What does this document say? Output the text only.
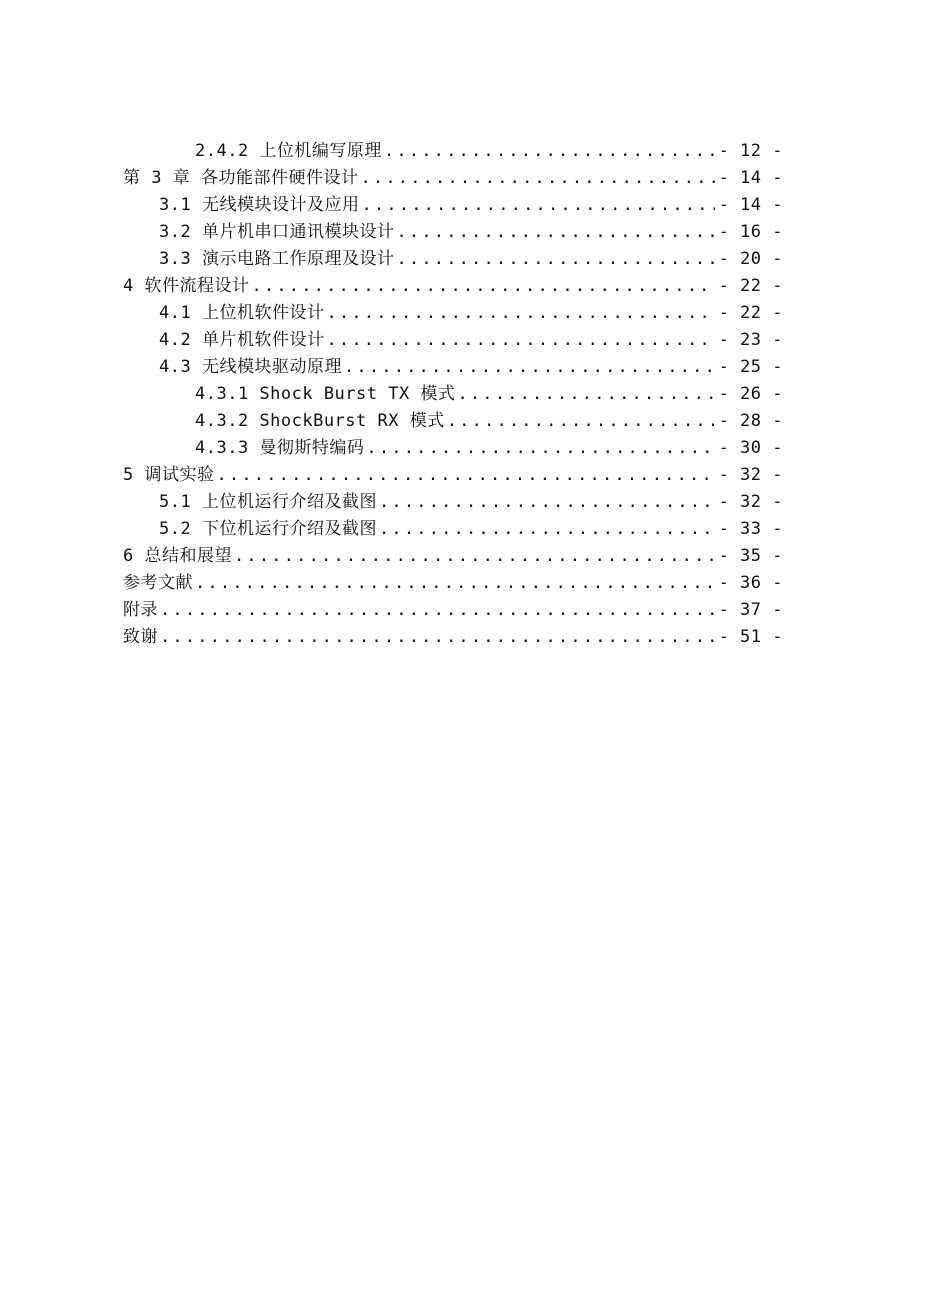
2.4.2 上位机编写原理 .....	- 12 -
第 3 章 各功能部件硬件设计 .....	- 14 -
3.1 无线模块设计及应用 .....	- 14 -
3.2 单片机串口通讯模块设计 .....	- 16 -
3.3 演示电路工作原理及设计 .....	- 20 -
4 软件流程设计 .....	- 22 -
4.1 上位机软件设计 .....	- 22 -
4.2 单片机软件设计 .....	- 23 -
4.3 无线模块驱动原理 .....	- 25 -
4.3.1 Shock Burst TX 模式 .....	- 26 -
4.3.2 ShockBurst RX 模式 .....	- 28 -
4.3.3 曼彻斯特编码 .....	- 30 -
5 调试实验 .....	- 32 -
5.1 上位机运行介绍及截图 .....	- 32 -
5.2 下位机运行介绍及截图 .....	- 33 -
6 总结和展望 .....	- 35 -
参考文献 .....	- 36 -
附录 .....	- 37 -
致谢 .....	- 51 -
